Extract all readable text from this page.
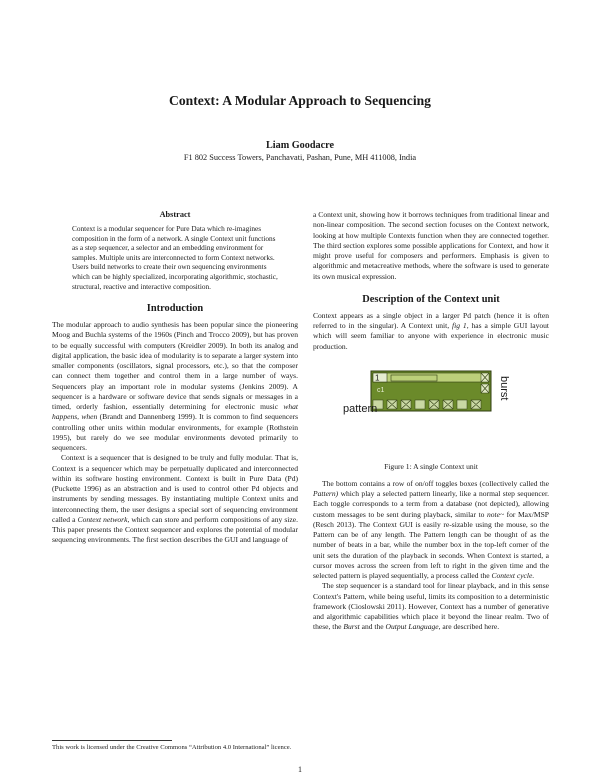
Context: A Modular Approach to Sequencing
Liam Goodacre
F1 802 Success Towers, Panchavati, Pashan, Pune, MH 411008, India
Abstract
Context is a modular sequencer for Pure Data which re-imagines composition in the form of a network. A single Context unit functions as a step sequencer, a selector and an embedding environment for samples. Multiple units are interconnected to form Context networks. Users build networks to create their own sequencing environments which can be highly specialized, incorporating algorithmic, stochastic, structural, reactive and interactive composition.
Introduction

The modular approach to audio synthesis has been popular since the pioneering Moog and Buchla systems of the 1960s (Pinch and Trocco 2009), but has proven to be equally successful with computers (Kreidler 2009). In both its analog and digital application, the basic idea of modularity is to separate a larger system into smaller components (oscillators, signal processors, etc.), so that the composer can connect them together and control them in a large number of ways. Sequencers play an important role in modular systems (Jenkins 2009). A sequencer is a hardware or software device that sends signals or messages in a timed, orderly fashion, essentially determining for electronic music what happens, when (Brandt and Dannenberg 1999). It is common to find sequencers controlling other units within modular environments, for example (Rothstein 1995), but rarely do we see modular environments devoted primarily to sequencers.

Context is a sequencer that is designed to be truly and fully modular. That is, Context is a sequencer which may be perpetually duplicated and interconnected within its software hosting environment. Context is built in Pure Data (Pd) (Puckette 1996) as an abstraction and is used to control other Pd objects and instruments by sending messages. By instantiating multiple Context units and interconnecting them, the user designs a special sort of sequencing environment called a Context network, which can store and perform compositions of any size. This paper presents the Context sequencer and explores the potential of modular sequencing environments. The first section describes the GUI and language of

a Context unit, showing how it borrows techniques from traditional linear and non-linear composition. The second section focuses on the Context network, looking at how multiple Contexts function when they are connected together. The third section explores some possible applications for Context, and how it might prove useful for composers and performers. Emphasis is given to algorithmic and metacreative methods, where the software is used to generate its own musical expression.

Description of the Context unit

Context appears as a single object in a larger Pd patch (hence it is often referred to in the singular). A Context unit, fig 1, has a simple GUI layout which will seem familiar to anyone with experience in electronic music production.

1
c1
pattern
burst
Figure 1: A single Context unit

The bottom contains a row of on/off toggles boxes (collectively called the Pattern) which play a selected pattern linearly, like a normal step sequencer. Each toggle corresponds to a term from a database (not depicted), allowing custom messages to be sent during playback, similar to note~ for Max/MSP (Resch 2013). The Context GUI is easily re-sizable using the mouse, so the Pattern can be of any length. The Pattern length can be thought of as the number of beats in a bar, while the number box in the top-left corner of the unit sets the duration of the playback in seconds. When Context is started, a cursor moves across the screen from left to right in the given time and the selected pattern is played sequentially, a process called the Context cycle.

The step sequencer is a standard tool for linear playback, and in this sense Context's Pattern, while being useful, limits its composition to a deterministic framework (Cioslowski 2011). However, Context has a number of generative and algorithmic capabilities which place it beyond the linear realm. Two of these, the Burst and the Output Language, are described here.

This work is licensed under the Creative Commons “Attribution 4.0 International” licence.
1
